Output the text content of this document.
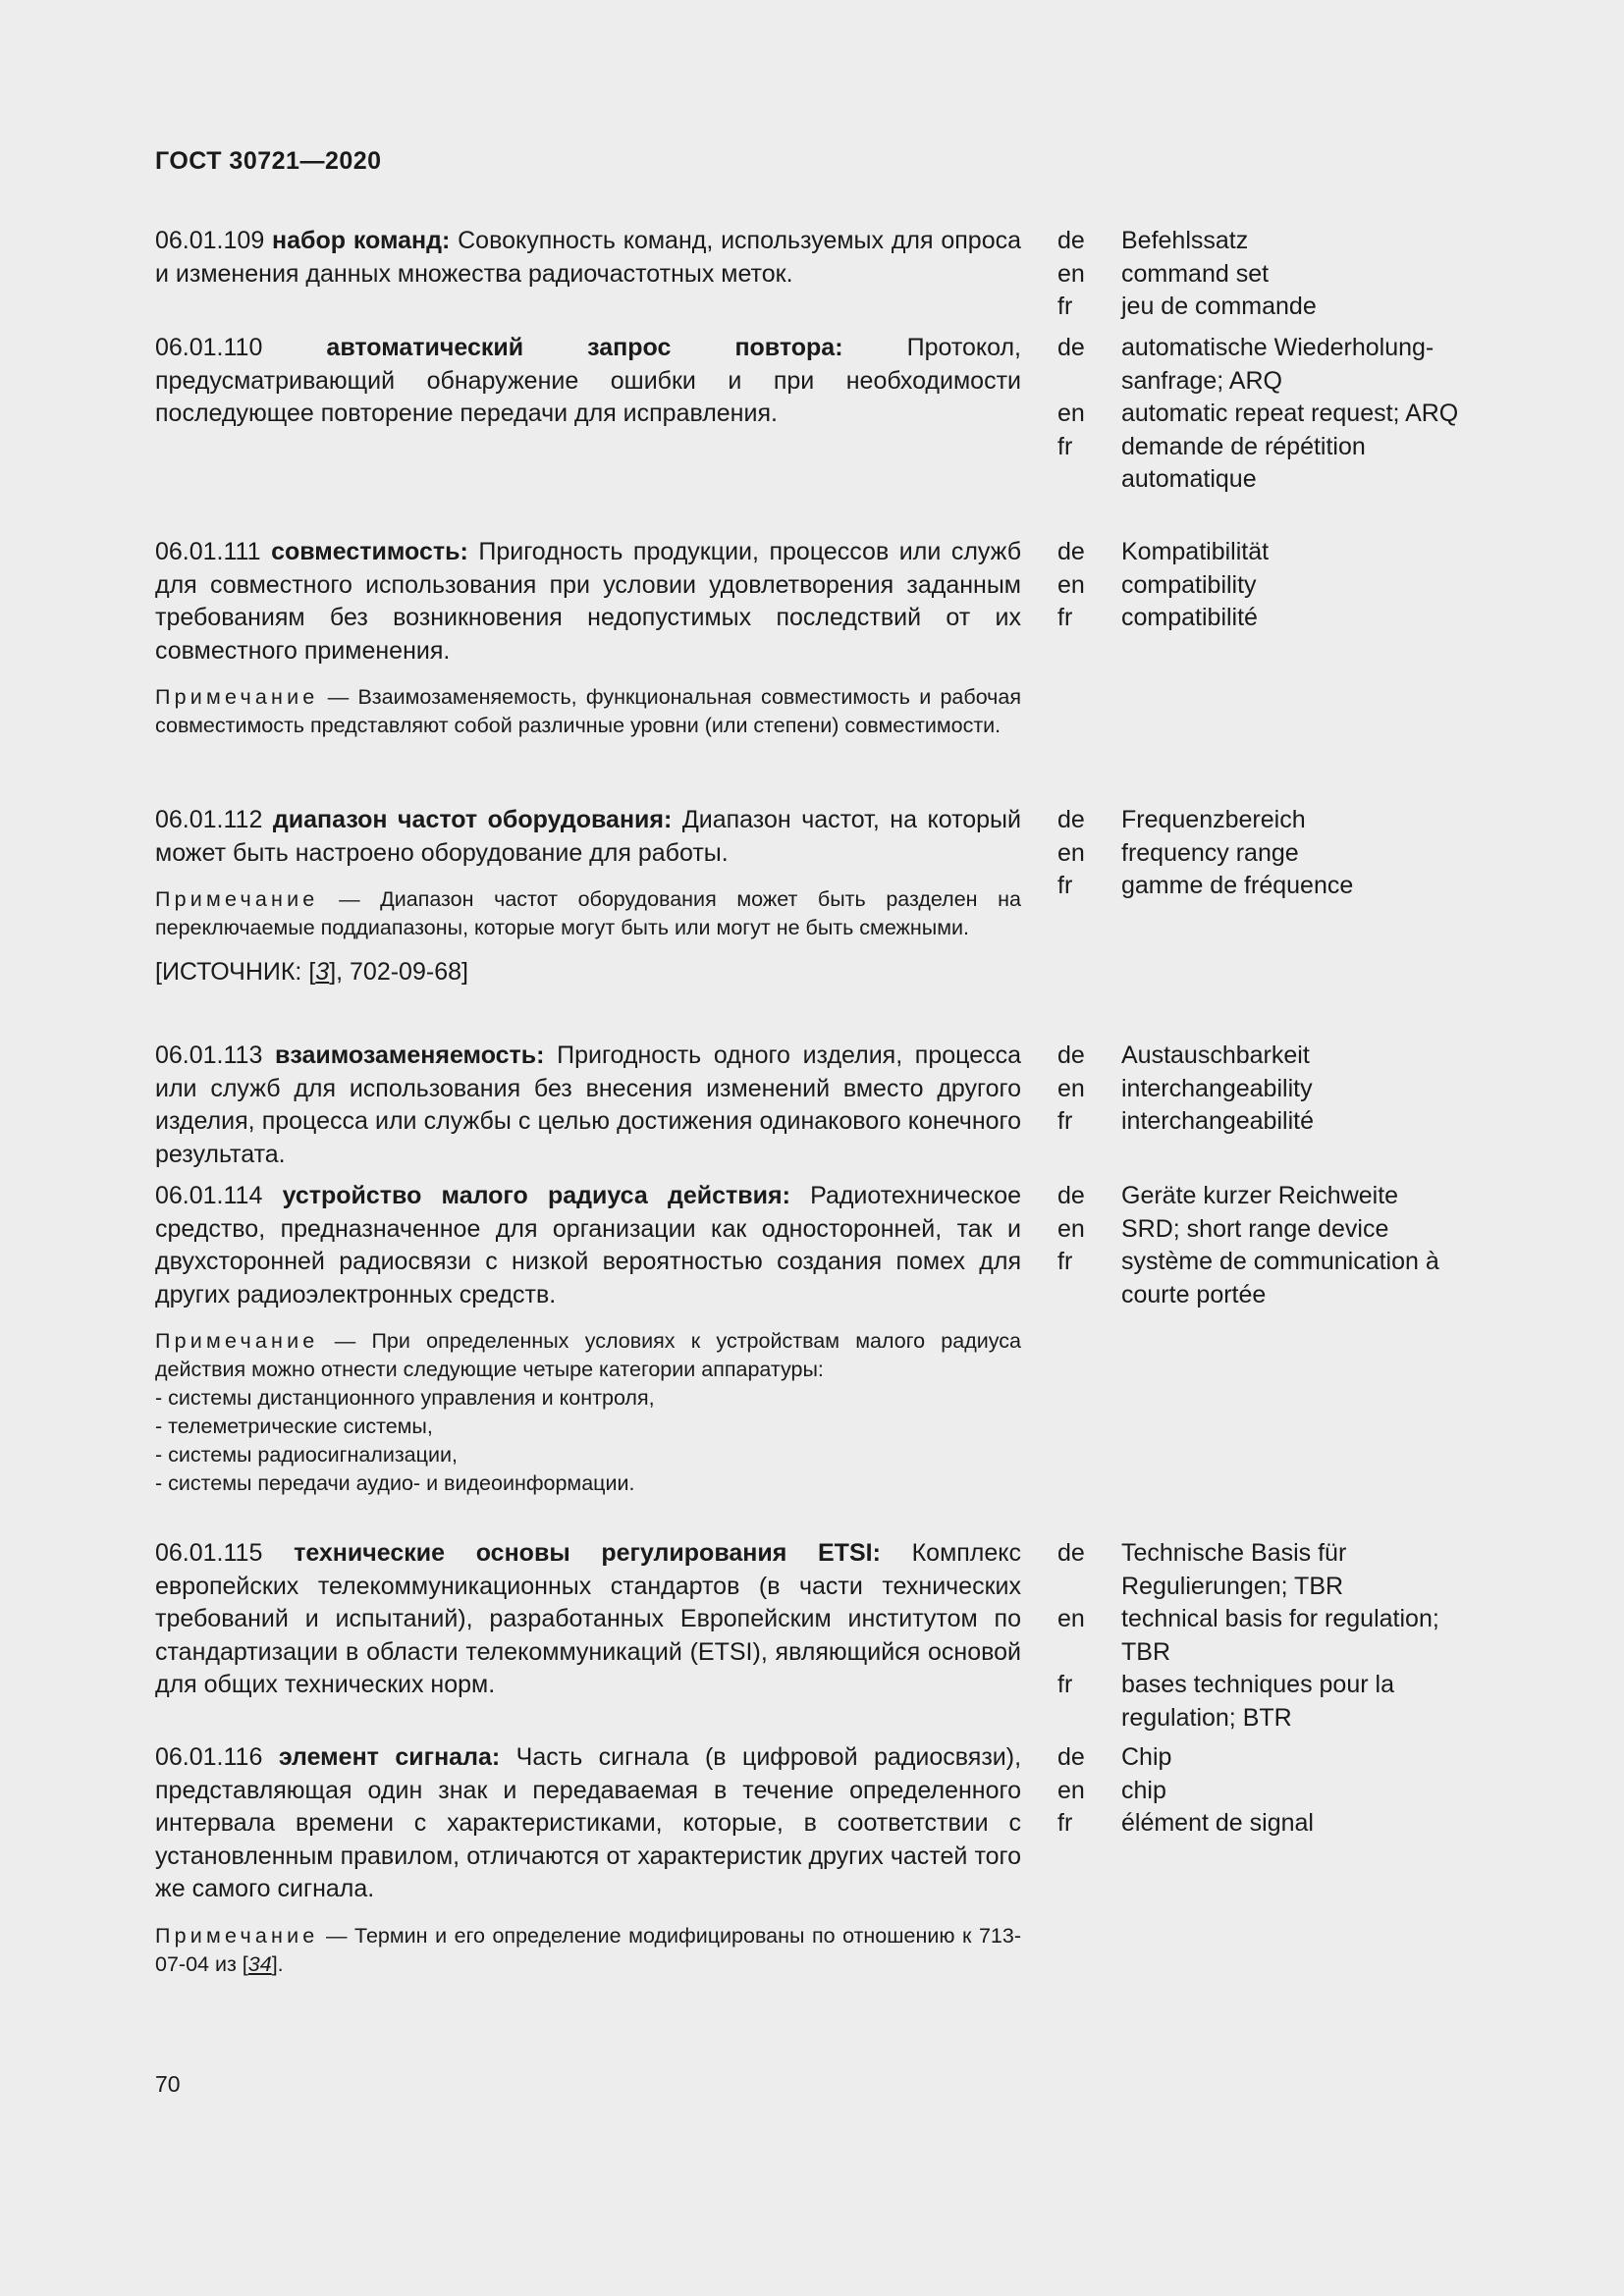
ГОСТ 30721—2020
06.01.109 набор команд: Совокупность команд, используемых для опроса и изменения данных множества радиочастотных меток.
de	Befehlssatz
en	command set
fr	jeu de commande
06.01.110	автоматический запрос повтора:	Протокол, предусматривающий обнаружение ошибки и при необходимости последующее повторение передачи для исправления.
de	automatische Wiederholung-sanfrage; ARQ
en	automatic repeat request; ARQ
fr	demande de répétition automatique
06.01.111 совместимость: Пригодность продукции, процессов или служб для совместного использования при условии удовлетворения заданным требованиям без возникновения недопустимых последствий от их совместного применения.
Примечание — Взаимозаменяемость, функциональная совместимость и рабочая совместимость представляют собой различные уровни (или степени) совместимости.
de	Kompatibilität
en	compatibility
fr	compatibilité
06.01.112 диапазон частот оборудования: Диапазон частот, на который может быть настроено оборудование для работы.
Примечание — Диапазон частот оборудования может быть разделен на переключаемые поддиапазоны, которые могут быть или могут не быть смежными.
[ИСТОЧНИК: [3], 702-09-68]
de	Frequenzbereich
en	frequency range
fr	gamme de fréquence
06.01.113 взаимозаменяемость: Пригодность одного изделия, процесса или служб для использования без внесения изменений вместо другого изделия, процесса или службы с целью достижения одинакового конечного результата.
de	Austauschbarkeit
en	interchangeability
fr	interchangeabilité
06.01.114 устройство малого радиуса действия: Радиотехническое средство, предназначенное для организации как односторонней, так и двухсторонней радиосвязи с низкой вероятностью создания помех для других радиоэлектронных средств.
Примечание — При определенных условиях к устройствам малого радиуса действия можно отнести следующие четыре категории аппаратуры:
- системы дистанционного управления и контроля,
- телеметрические системы,
- системы радиосигнализации,
- системы передачи аудио- и видеоинформации.
de	Geräte kurzer Reichweite
en	SRD; short range device
fr	système de communication à courte portée
06.01.115 технические основы регулирования ETSI: Комплекс европейских телекоммуникационных стандартов (в части технических требований и испытаний), разработанных Европейским институтом по стандартизации в области телекоммуникаций (ETSI), являющийся основой для общих технических норм.
de	Technische Basis für Regulierungen; TBR
en	technical basis for regulation; TBR
fr	bases techniques pour la regulation; BTR
06.01.116 элемент сигнала: Часть сигнала (в цифровой радиосвязи), представляющая один знак и передаваемая в течение определенного интервала времени с характеристиками, которые, в соответствии с установленным правилом, отличаются от характеристик других частей того же самого сигнала.
Примечание — Термин и его определение модифицированы по отношению к 713-07-04 из [34].
de	Chip
en	chip
fr	élément de signal
70
